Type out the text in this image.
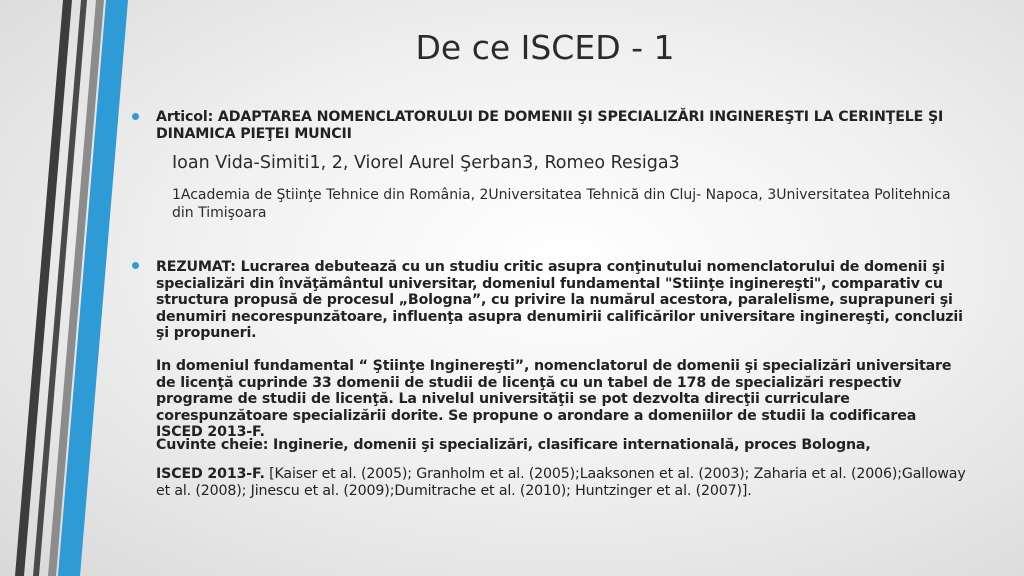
De ce ISCED - 1
Articol: ADAPTAREA NOMENCLATORULUI DE DOMENII ŞI SPECIALIZĂRI INGINEREŞTI LA CERINŢELE ŞI DINAMICA PIEŢEI MUNCII
Ioan Vida-Simiti1, 2, Viorel Aurel Şerban3, Romeo Resiga3
1Academia de Ştiinţe Tehnice din România, 2Universitatea Tehnică din Cluj- Napoca, 3Universitatea Politehnica din Timişoara
REZUMAT: Lucrarea debutează cu un studiu critic asupra conţinutului nomenclatorului de domenii şi specializări din învăţământul universitar, domeniul fundamental "Stiinţe inginereşti", comparativ cu structura propusă de procesul „Bologna”, cu privire la numărul acestora, paralelisme, suprapuneri şi denumiri necorespunzătoare, influenţa asupra denumirii calificărilor universitare inginereşti, concluzii şi propuneri.
In domeniul fundamental “ Ştiinţe Inginereşti”, nomenclatorul de domenii şi specializări universitare de licenţă cuprinde 33 domenii de studii de licenţă cu un tabel de 178 de specializări respectiv programe de studii de licenţă. La nivelul universităţii se pot dezvolta direcţii curriculare corespunzătoare specializării dorite. Se propune o arondare a domeniilor de studii la codificarea ISCED 2013-F.
Cuvinte cheie: Inginerie, domenii şi specializări, clasificare internatională, proces Bologna,
ISCED 2013-F. [Kaiser et al. (2005); Granholm et al. (2005);Laaksonen et al. (2003); Zaharia et al. (2006);Galloway et al. (2008); Jinescu et al. (2009);Dumitrache et al. (2010); Huntzinger et al. (2007)].
